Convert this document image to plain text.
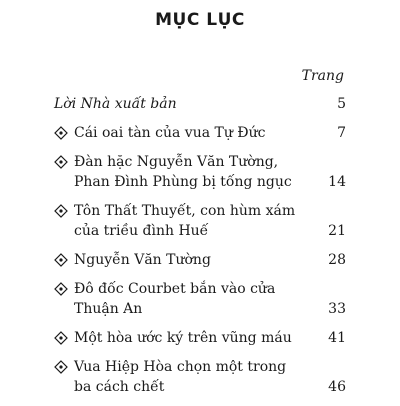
MỤC LỤC
Trang
Lời Nhà xuất bản	5
Cái oai tàn của vua Tự Đức	7
Đàn hặc Nguyễn Văn Tường, Phan Đình Phùng bị tống ngục	14
Tôn Thất Thuyết, con hùm xám của triều đình Huế	21
Nguyễn Văn Tường	28
Đô đốc Courbet bắn vào cửa Thuận An	33
Một hòa ước ký trên vũng máu	41
Vua Hiệp Hòa chọn một trong ba cách chết	46
